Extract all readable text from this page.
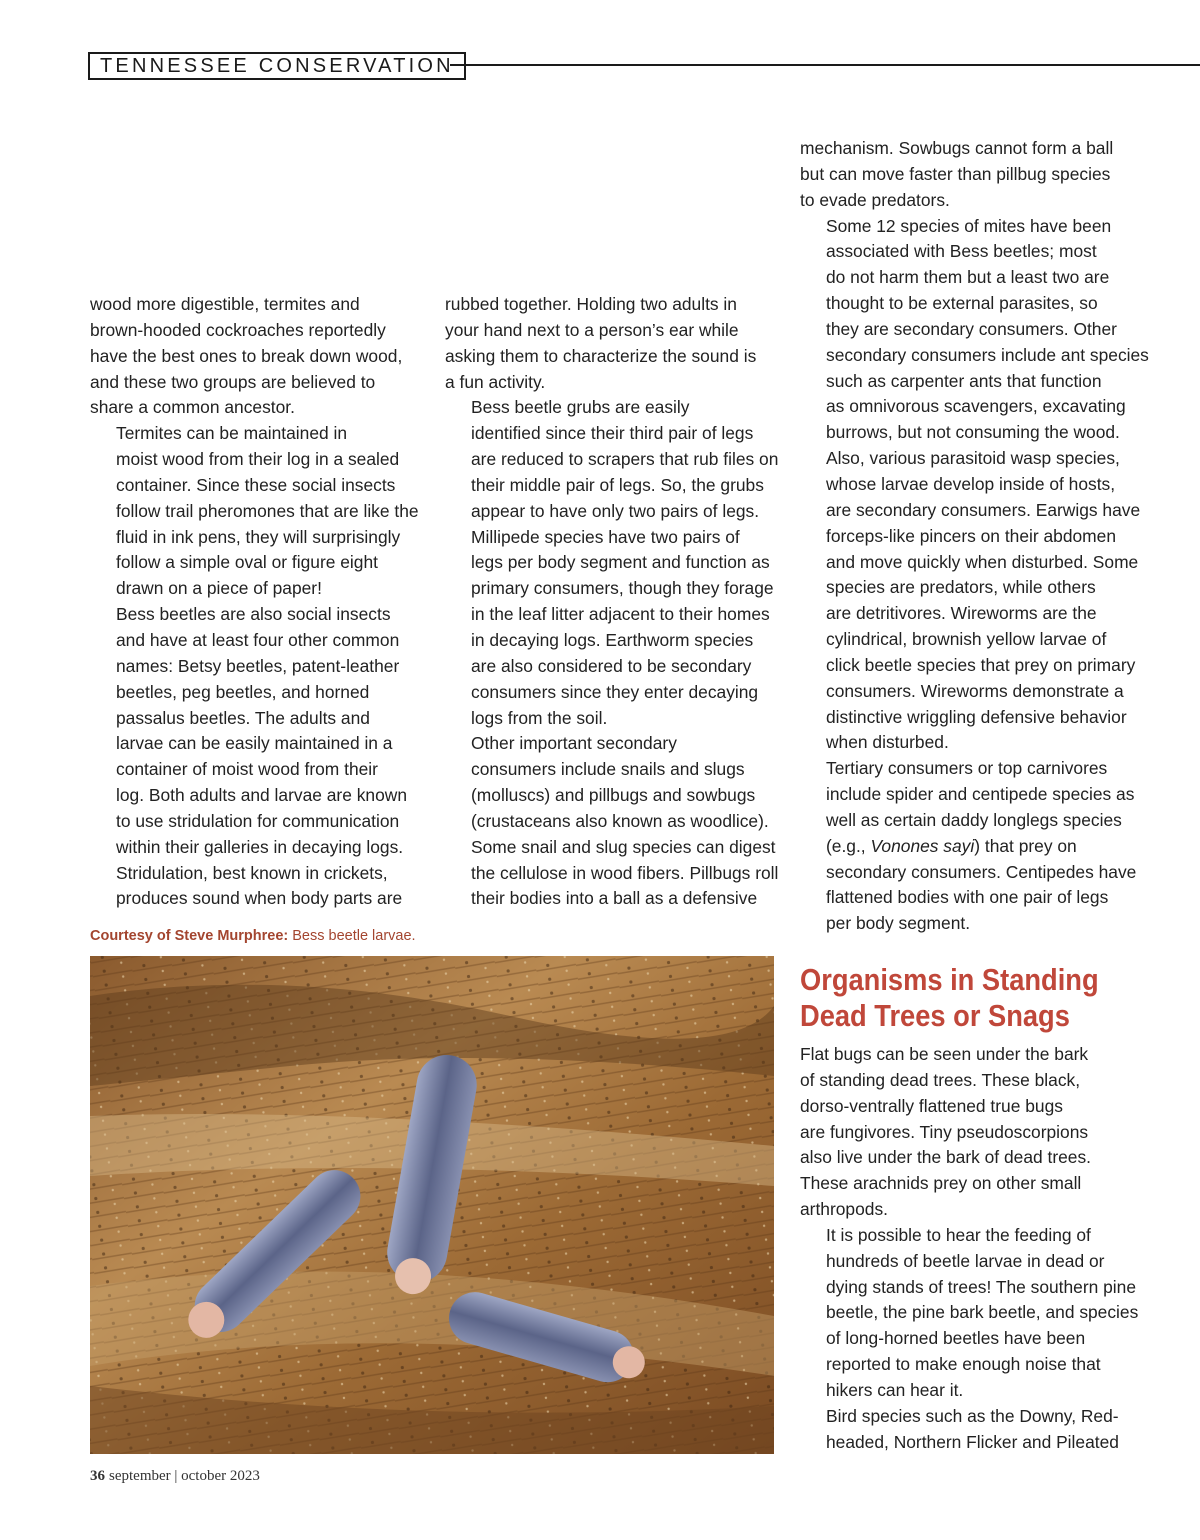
TENNESSEE CONSERVATION

wood more digestible, termites and
brown-hooded cockroaches reportedly
have the best ones to break down wood,
and these two groups are believed to
share a common ancestor.

Termites can be maintained in
moist wood from their log in a sealed
container. Since these social insects
follow trail pheromones that are like the
fluid in ink pens, they will surprisingly
follow a simple oval or figure eight
drawn on a piece of paper!

Bess beetles are also social insects
and have at least four other common
names: Betsy beetles, patent-leather
beetles, peg beetles, and horned
passalus beetles. The adults and
larvae can be easily maintained in a
container of moist wood from their
log. Both adults and larvae are known
to use stridulation for communication
within their galleries in decaying logs.
Stridulation, best known in crickets,
produces sound when body parts are

rubbed together. Holding two adults in
your hand next to a person’s ear while
asking them to characterize the sound is
a fun activity.

Bess beetle grubs are easily
identified since their third pair of legs
are reduced to scrapers that rub files on
their middle pair of legs. So, the grubs
appear to have only two pairs of legs.

Millipede species have two pairs of
legs per body segment and function as
primary consumers, though they forage
in the leaf litter adjacent to their homes
in decaying logs. Earthworm species
are also considered to be secondary
consumers since they enter decaying
logs from the soil.

Other important secondary
consumers include snails and slugs
(molluscs) and pillbugs and sowbugs
(crustaceans also known as woodlice).
Some snail and slug species can digest
the cellulose in wood fibers. Pillbugs roll
their bodies into a ball as a defensive

mechanism. Sowbugs cannot form a ball
but can move faster than pillbug species
to evade predators.

Some 12 species of mites have been
associated with Bess beetles; most
do not harm them but a least two are
thought to be external parasites, so
they are secondary consumers. Other
secondary consumers include ant species
such as carpenter ants that function
as omnivorous scavengers, excavating
burrows, but not consuming the wood.
Also, various parasitoid wasp species,
whose larvae develop inside of hosts,
are secondary consumers. Earwigs have
forceps-like pincers on their abdomen
and move quickly when disturbed. Some
species are predators, while others
are detritivores. Wireworms are the
cylindrical, brownish yellow larvae of
click beetle species that prey on primary
consumers. Wireworms demonstrate a
distinctive wriggling defensive behavior
when disturbed.

Tertiary consumers or top carnivores
include spider and centipede species as
well as certain daddy longlegs species
(e.g., Vonones sayi) that prey on
secondary consumers. Centipedes have
flattened bodies with one pair of legs
per body segment.

Organisms in Standing
Dead Trees or Snags

Flat bugs can be seen under the bark
of standing dead trees. These black,
dorso-ventrally flattened true bugs
are fungivores. Tiny pseudoscorpions
also live under the bark of dead trees.
These arachnids prey on other small
arthropods.

It is possible to hear the feeding of
hundreds of beetle larvae in dead or
dying stands of trees! The southern pine
beetle, the pine bark beetle, and species
of long-horned beetles have been
reported to make enough noise that
hikers can hear it.

Bird species such as the Downy, Red-
headed, Northern Flicker and Pileated

Courtesy of Steve Murphree: Bess beetle larvae.
36 september | october 2023
